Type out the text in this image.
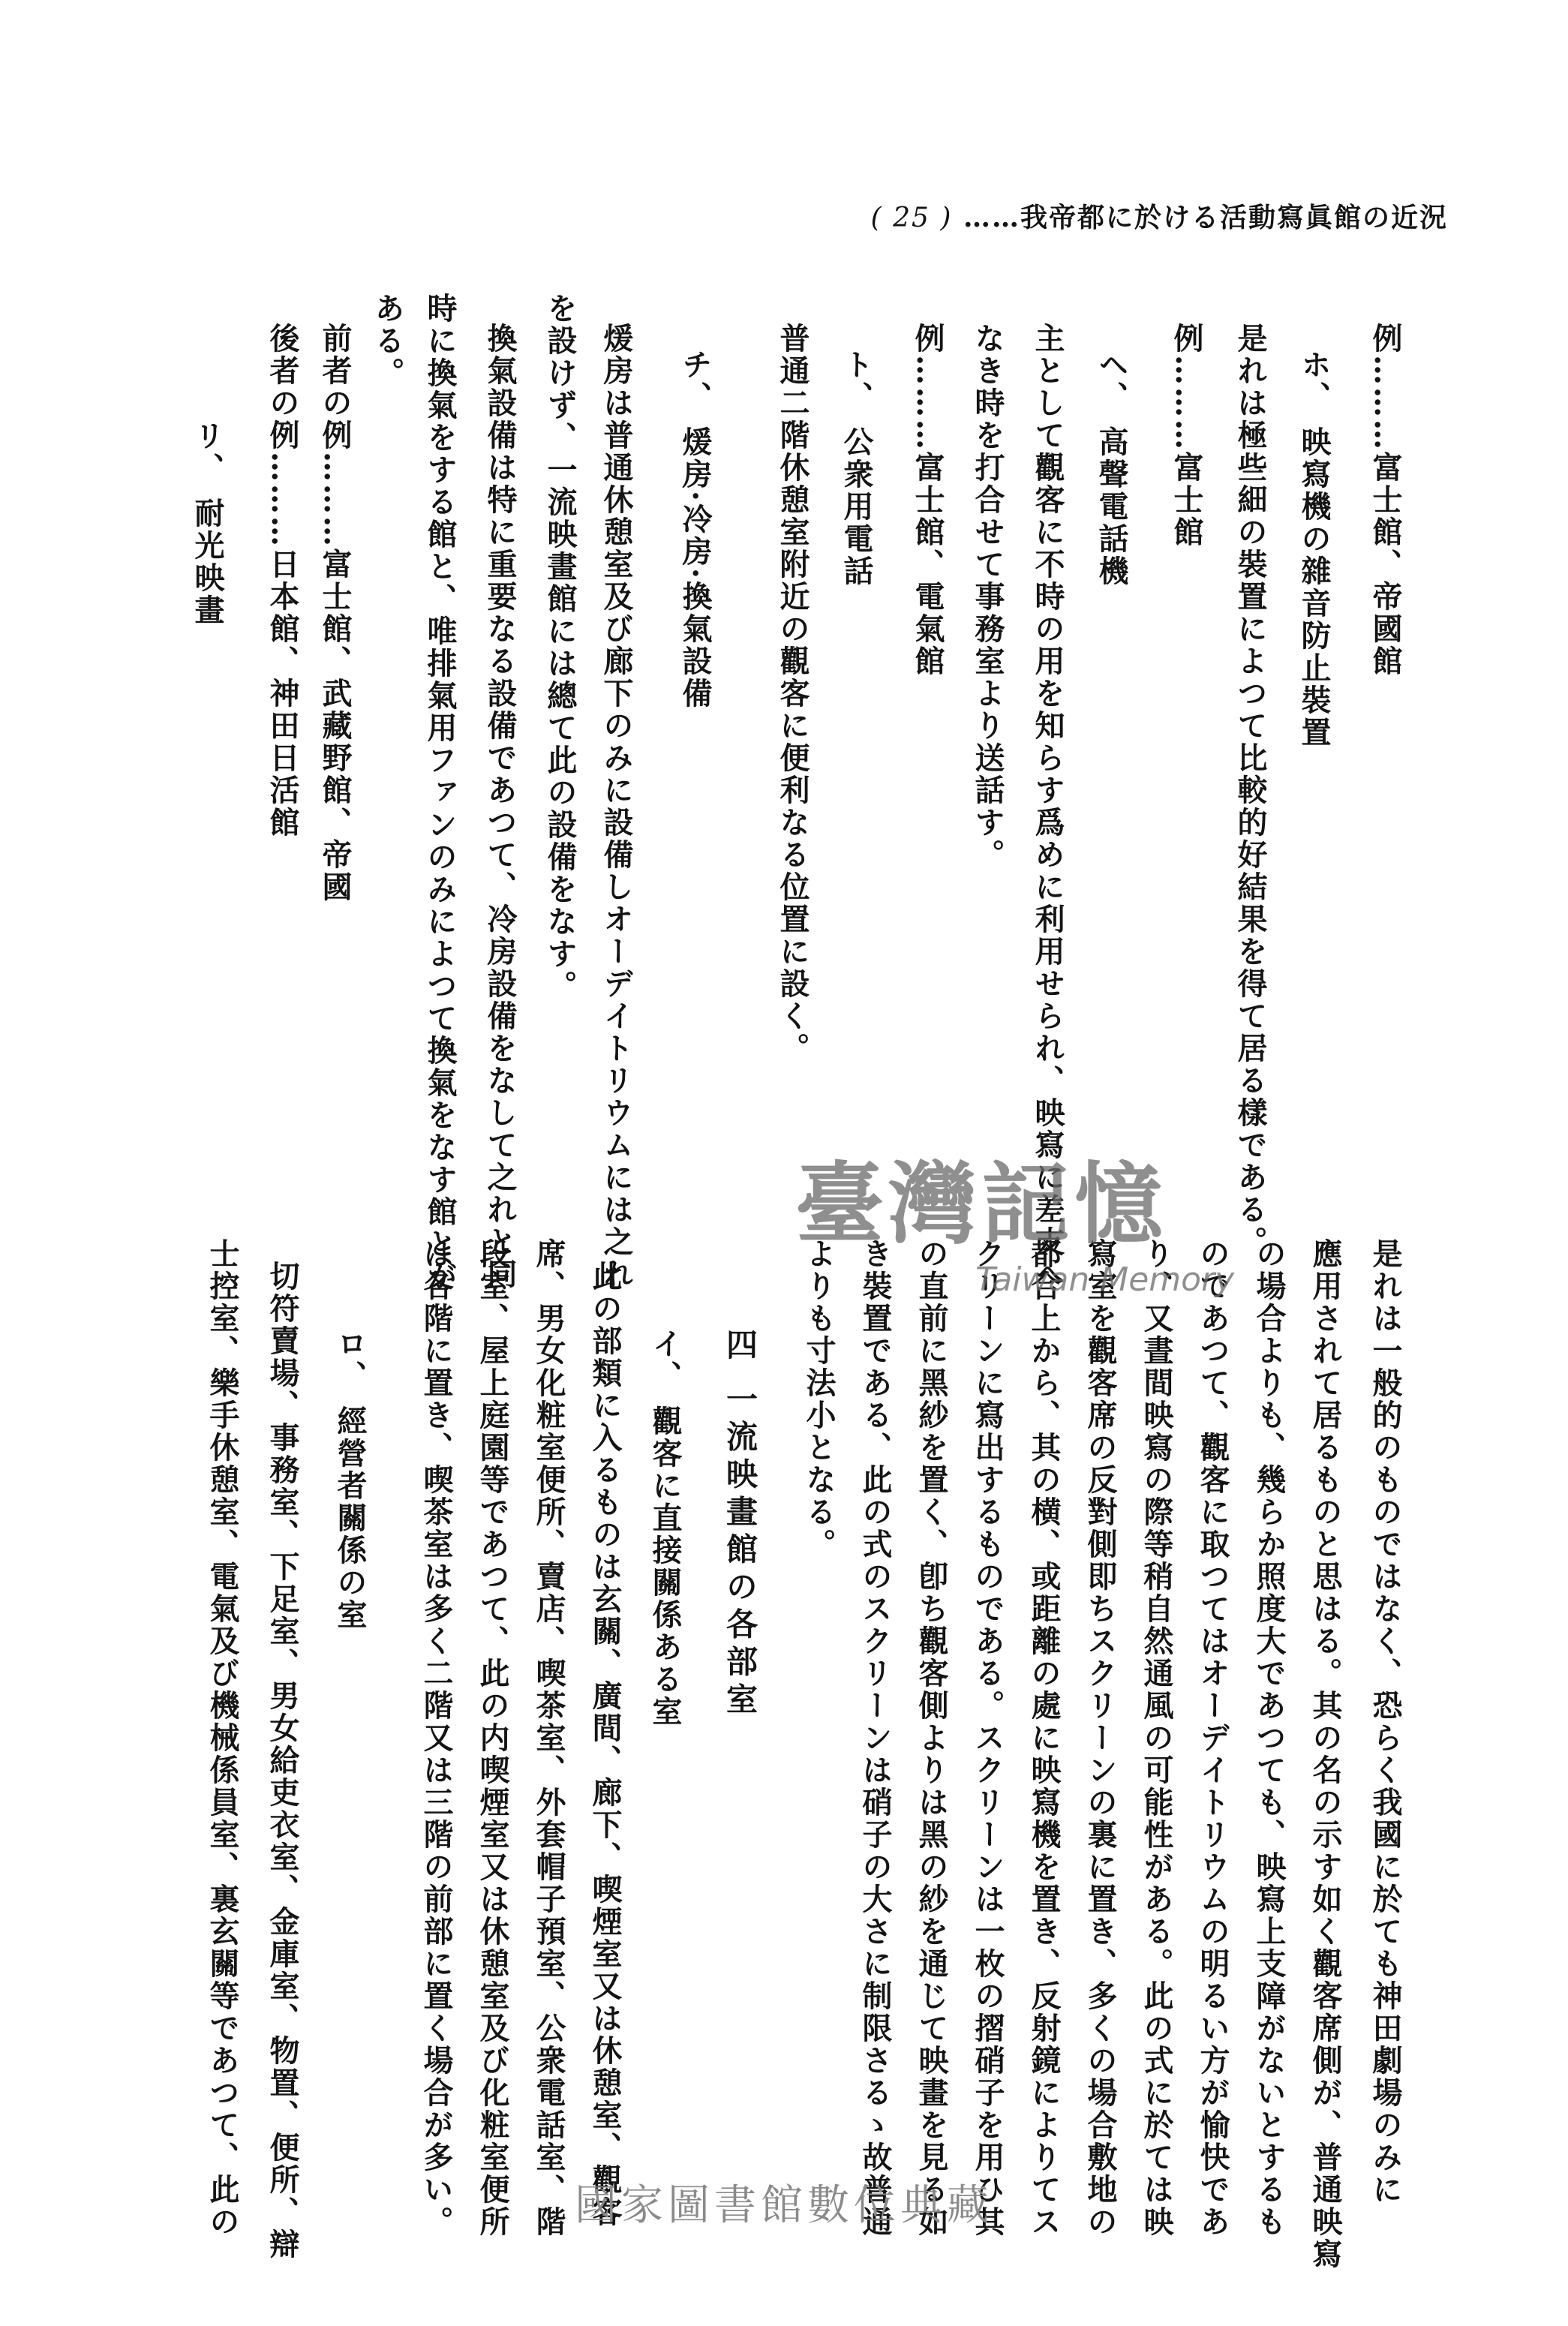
( 25 ) ……我帝都に於ける活動寫眞館の近況
例………富士館、帝國館
ホ、 映寫機の雜音防止裝置
是れは極些細の裝置によつて比較的好結果を得て居る樣である。
例………富士館
ヘ、 高聲電話機
主として觀客に不時の用を知らす爲めに利用せられ、映寫に差支へ
なき時を打合せて事務室より送話す。
例………富士館、電氣館
ト、 公衆用電話
普通二階休憩室附近の觀客に便利なる位置に設く。
チ、 煖房·冷房·換氣設備
煖房は普通休憩室及び廊下のみに設備しオーデイトリウムには之れ
を設けず、一流映畫館には總て此の設備をなす。
換氣設備は特に重要なる設備であつて、冷房設備をなして之れと同
時に換氣をする館と、唯排氣用ファンのみによつて換氣をなす館とが
ある。
前者の例………富士館、武藏野館、帝國
後者の例………日本館、神田日活館
リ、 耐光映畫
是れは一般的のものではなく、恐らく我國に於ても神田劇場のみに
應用されて居るものと思はる。其の名の示す如く觀客席側が、普通映寫
の場合よりも、幾らか照度大であつても、映寫上支障がないとするも
のであつて、觀客に取つてはオーデイトリウムの明るい方が愉快であ
り、又晝間映寫の際等稍自然通風の可能性がある。此の式に於ては映
寫室を觀客席の反對側即ちスクリーンの裏に置き、多くの場合敷地の
都合上から、其の横、或距離の處に映寫機を置き、反射鏡によりてス
クリーンに寫出するものである。スクリーンは一枚の摺硝子を用ひ其
の直前に黑紗を置く、卽ち觀客側よりは黑の紗を通じて映畫を見る如
き裝置である、此の式のスクリーンは硝子の大さに制限さるゝ故普通
よりも寸法小となる。
四 一流映畫館の各部室
イ、 觀客に直接關係ある室
此の部類に入るものは玄關、廣間、廊下、喫煙室又は休憩室、觀客
席、男女化粧室便所、賣店、喫茶室、外套帽子預室、公衆電話室、階
段室、屋上庭園等であつて、此の内喫煙室又は休憩室及び化粧室便所
は各階に置き、喫茶室は多く二階又は三階の前部に置く場合が多い。
ロ、 經營者關係の室
切符賣場、事務室、下足室、男女給吏衣室、金庫室、物置、便所、辯
士控室、樂手休憩室、電氣及び機械係員室、裏玄關等であつて、此の
臺灣記憶
Taiwan Memory
國家圖書館數位典藏
